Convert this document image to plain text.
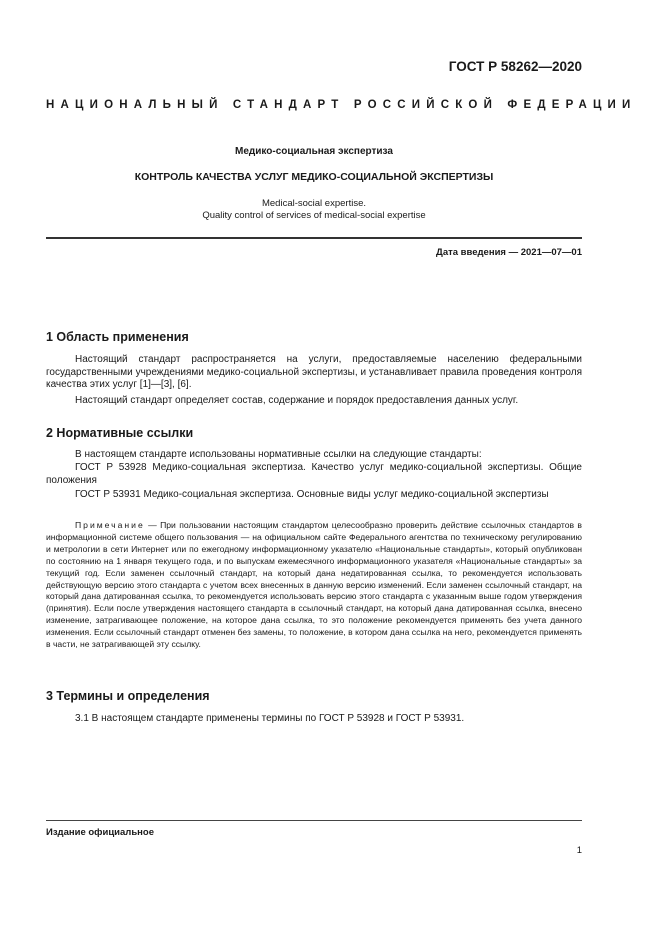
ГОСТ Р 58262—2020
НАЦИОНАЛЬНЫЙ СТАНДАРТ РОССИЙСКОЙ ФЕДЕРАЦИИ
Медико-социальная экспертиза
КОНТРОЛЬ КАЧЕСТВА УСЛУГ МЕДИКО-СОЦИАЛЬНОЙ ЭКСПЕРТИЗЫ
Medical-social expertise.
Quality control of services of medical-social expertise
Дата введения — 2021—07—01
1 Область применения

Настоящий стандарт распространяется на услуги, предоставляемые населению федеральными государственными учреждениями медико-социальной экспертизы, и устанавливает правила проведения контроля качества этих услуг [1]—[3], [6].

Настоящий стандарт определяет состав, содержание и порядок предоставления данных услуг.

2 Нормативные ссылки

В настоящем стандарте использованы нормативные ссылки на следующие стандарты:

ГОСТ Р 53928 Медико-социальная экспертиза. Качество услуг медико-социальной экспертизы. Общие положения

ГОСТ Р 53931 Медико-социальная экспертиза. Основные виды услуг медико-социальной экспертизы

Примечание — При пользовании настоящим стандартом целесообразно проверить действие ссылочных стандартов в информационной системе общего пользования — на официальном сайте Федерального агентства по техническому регулированию и метрологии в сети Интернет или по ежегодному информационному указателю «Национальные стандарты», который опубликован по состоянию на 1 января текущего года, и по выпускам ежемесячного информационного указателя «Национальные стандарты» за текущий год. Если заменен ссылочный стандарт, на который дана недатированная ссылка, то рекомендуется использовать действующую версию этого стандарта с учетом всех внесенных в данную версию изменений. Если заменен ссылочный стандарт, на который дана датированная ссылка, то рекомендуется использовать версию этого стандарта с указанным выше годом утверждения (принятия). Если после утверждения настоящего стандарта в ссылочный стандарт, на который дана датированная ссылка, внесено изменение, затрагивающее положение, на которое дана ссылка, то это положение рекомендуется применять без учета данного изменения. Если ссылочный стандарт отменен без замены, то положение, в котором дана ссылка на него, рекомендуется применять в части, не затрагивающей эту ссылку.

3 Термины и определения

3.1 В настоящем стандарте применены термины по ГОСТ Р 53928 и ГОСТ Р 53931.

Издание официальное
1
